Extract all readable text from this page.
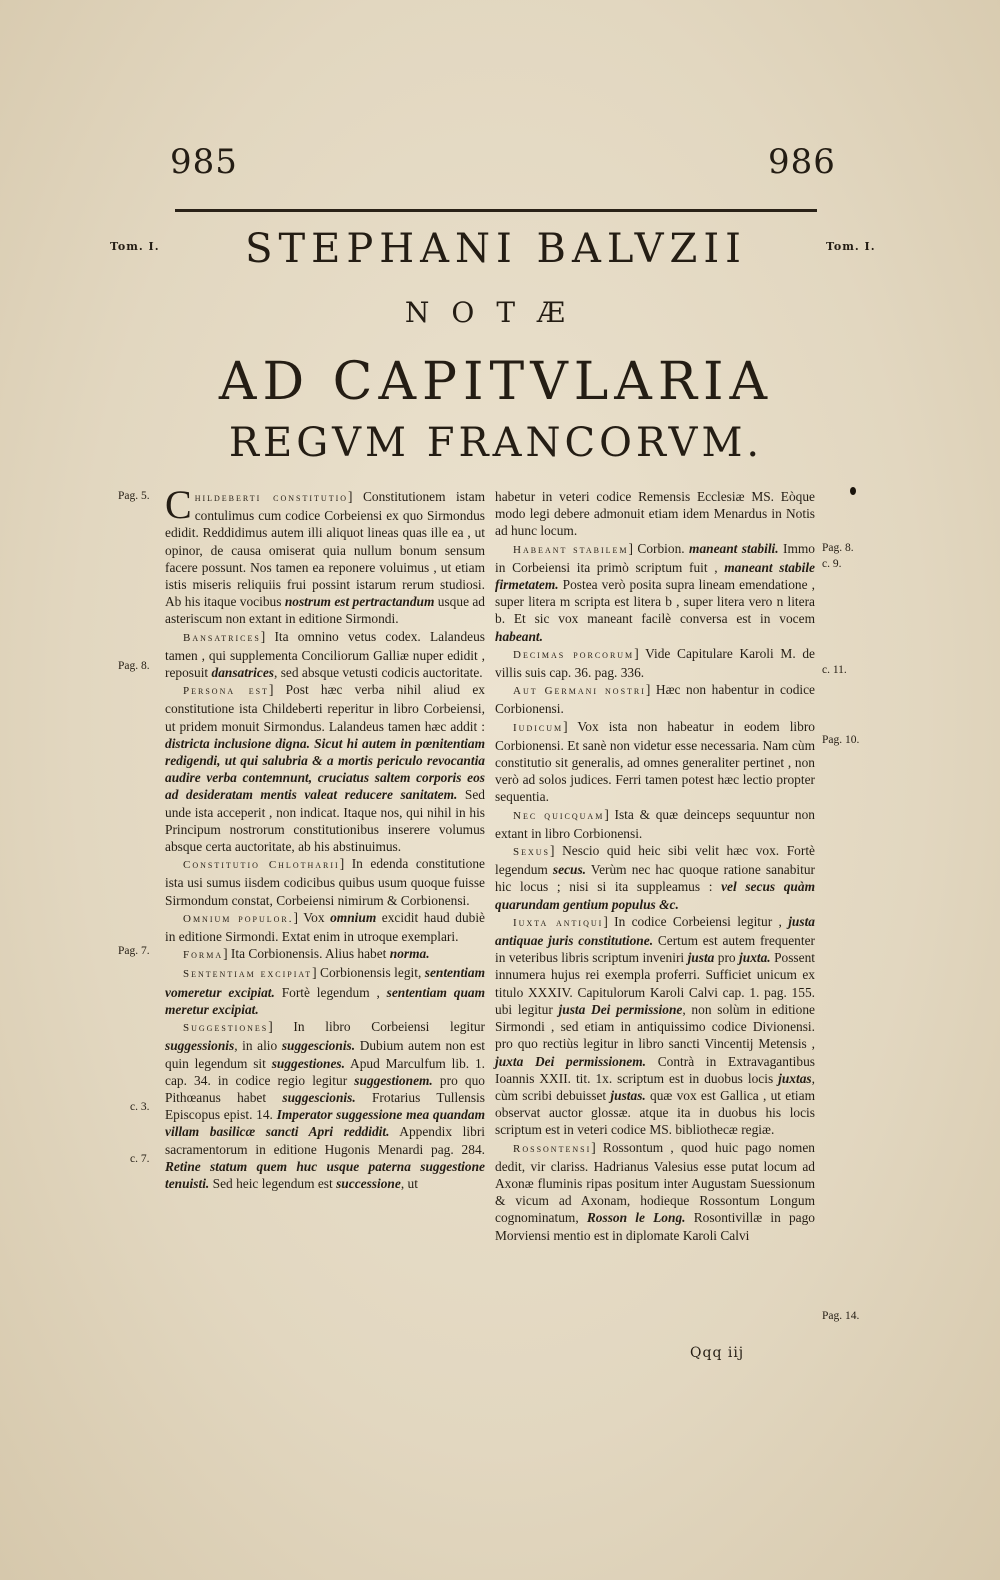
985	986
Tom. I.	Tom. I.
STEPHANI BALVZII
NOTÆ
AD CAPITVLARIA
REGVM FRANCORVM.
Pag. 5.
Pag. 8.
Pag. 7.
c. 3.
c. 7.
Pag. 8.
c. 9.
c. 11.
Pag. 10.
Pag. 14.

Childeberti constitutio] Constitutionem istam contulimus cum codice Corbeiensi ex quo Sirmondus edidit. Reddidimus autem illi aliquot lineas quas ille ea , ut opinor, de causa omiserat quia nullum bonum sensum facere possunt. Nos tamen ea reponere voluimus , ut etiam istis miseris reliquiis frui possint istarum rerum studiosi. Ab his itaque vocibus nostrum est pertractandum usque ad asteriscum non extant in editione Sirmondi.

Bansatrices] Ita omnino vetus codex. Lalandeus tamen , qui supplementa Conciliorum Galliæ nuper edidit , reposuit dansatrices, sed absque vetusti codicis auctoritate.

Persona est] Post hæc verba nihil aliud ex constitutione ista Childeberti reperitur in libro Corbeiensi, ut pridem monuit Sirmondus. Lalandeus tamen hæc addit : districta inclusione digna. Sicut hi autem in pœnitentiam redigendi, ut qui salubria & a mortis periculo revocantia audire verba contemnunt, cruciatus saltem corporis eos ad desideratam mentis valeat reducere sanitatem. Sed unde ista acceperit , non indicat. Itaque nos, qui nihil in his Principum nostrorum constitutionibus inserere volumus absque certa auctoritate, ab his abstinuimus.

Constitutio Chlotharii] In edenda constitutione ista usi sumus iisdem codicibus quibus usum quoque fuisse Sirmondum constat, Corbeiensi nimirum & Corbionensi.

Omnium populor.] Vox omnium excidit haud dubiè in editione Sirmondi. Extat enim in utroque exemplari.

Forma] Ita Corbionensis. Alius habet norma.

Sententiam excipiat] Corbionensis legit, sententiam vomeretur excipiat. Fortè legendum , sententiam quam meretur excipiat.

Suggestiones] In libro Corbeiensi legitur suggessionis, in alio suggescionis. Dubium autem non est quin legendum sit suggestiones. Apud Marculfum lib. 1. cap. 34. in codice regio legitur suggestionem. pro quo Pithœanus habet suggescionis. Frotarius Tullensis Episcopus epist. 14. Imperator suggessione mea quandam villam basilicæ sancti Apri reddidit. Appendix libri sacramentorum in editione Hugonis Menardi pag. 284. Retine statum quem huc usque paterna suggestione tenuisti. Sed heic legendum est successione, ut

habetur in veteri codice Remensis Ecclesiæ MS. Eòque modo legi debere admonuit etiam idem Menardus in Notis ad hunc locum.

Habeant stabilem] Corbion. maneant stabili. Immo in Corbeiensi ita primò scriptum fuit , maneant stabile firmetatem. Postea verò posita supra lineam emendatione , super litera m scripta est litera b , super litera vero n litera b. Et sic vox maneant facilè conversa est in vocem habeant.

Decimas porcorum] Vide Capitulare Karoli M. de villis suis cap. 36. pag. 336.

Aut Germani nostri] Hæc non habentur in codice Corbionensi.

Iudicum] Vox ista non habeatur in eodem libro Corbionensi. Et sanè non videtur esse necessaria. Nam cùm constitutio sit generalis, ad omnes generaliter pertinet , non verò ad solos judices. Ferri tamen potest hæc lectio propter sequentia.

Nec quicquam] Ista & quæ deinceps sequuntur non extant in libro Corbionensi.

Sexus] Nescio quid heic sibi velit hæc vox. Fortè legendum secus. Verùm nec hac quoque ratione sanabitur hic locus ; nisi si ita suppleamus : vel secus quàm quarundam gentium populus &c.

Iuxta antiqui] In codice Corbeiensi legitur , justa antiquae juris constitutione. Certum est autem frequenter in veteribus libris scriptum inveniri justa pro juxta. Possent innumera hujus rei exempla proferri. Sufficiet unicum ex titulo XXXIV. Capitulorum Karoli Calvi cap. 1. pag. 155. ubi legitur justa Dei permissione, non solùm in editione Sirmondi , sed etiam in antiquissimo codice Divionensi. pro quo rectiùs legitur in libro sancti Vincentij Metensis , juxta Dei permissionem. Contrà in Extravagantibus Ioannis XXII. tit. 1x. scriptum est in duobus locis juxtas, cùm scribi debuisset justas. quæ vox est Gallica , ut etiam observat auctor glossæ. atque ita in duobus his locis scriptum est in veteri codice MS. bibliothecæ regiæ.

Rossontensi] Rossontum , quod huic pago nomen dedit, vir clariss. Hadrianus Valesius esse putat locum ad Axonæ fluminis ripas positum inter Augustam Suessionum & vicum ad Axonam, hodieque Rossontum Longum cognominatum, Rosson le Long. Rosontivillæ in pago Morviensi mentio est in diplomate Karoli Calvi

Qqq iij
